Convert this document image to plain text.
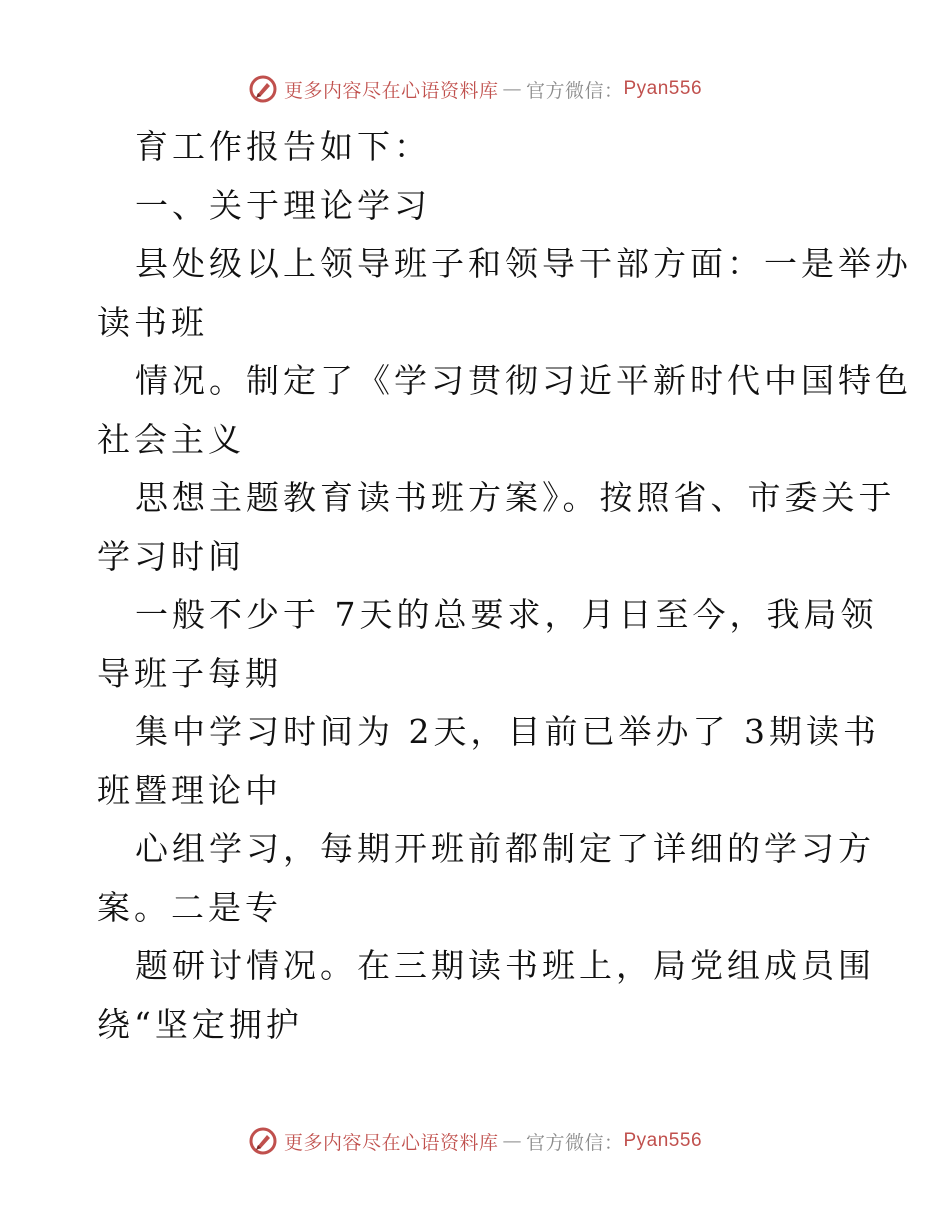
更多内容尽在心语资料库 — 官方微信： Pyan556
育工作报告如下：
一、关于理论学习
县处级以上领导班子和领导干部方面：一是举办
读书班
情况。制定了《学习贯彻习近平新时代中国特色
社会主义
思想主题教育读书班方案》。按照省、市委关于
学习时间
一般不少于 7天的总要求，月日至今，我局领
导班子每期
集中学习时间为 2天，目前已举办了 3期读书
班暨理论中
心组学习，每期开班前都制定了详细的学习方
案。二是专
题研讨情况。在三期读书班上，局党组成员围
绕“坚定拥护
更多内容尽在心语资料库 — 官方微信： Pyan556
